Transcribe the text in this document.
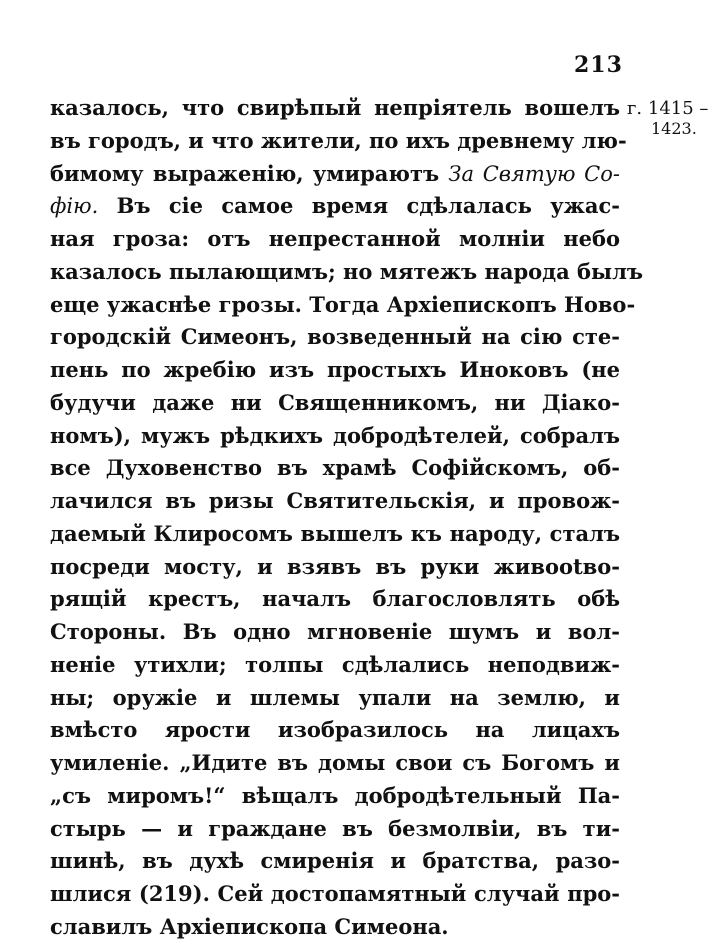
213
г. 1415 –
1423.
казалось, что свирѣпый непріятель вошелъ
въ городъ, и что жители, по ихъ древнему лю-
бимому выраженію, умираютъ За Святую Со-
фію. Въ сіе самое время сдѣлалась ужас-
ная гроза: отъ непрестанной молніи небо
казалось пылающимъ; но мятежъ народа былъ
еще ужаснѣе грозы. Тогда Архіепископъ Ново-
городскій Симеонъ, возведенный на сію сте-
пень по жребію изъ простыхъ Иноковъ (не
будучи даже ни Священникомъ, ни Діако-
номъ), мужъ рѣдкихъ добродѣтелей, собралъ
все Духовенство въ храмѣ Софійскомъ, об-
лачился въ ризы Святительскія, и провож-
даемый Клиросомъ вышелъ къ народу, сталъ
посреди мосту, и взявъ въ руки живоotво-
рящій крестъ, началъ благословлять обѣ
Стороны. Въ одно мгновеніе шумъ и вол-
неніе утихли; толпы сдѣлались неподвиж-
ны; оружіе и шлемы упали на землю, и
вмѣсто ярости изобразилось на лицахъ
умиленіе. „Идите въ домы свои съ Богомъ и
„съ миромъ!“ вѣщалъ добродѣтельный Па-
стырь — и граждане въ безмолвіи, въ ти-
шинѣ, въ духѣ смиренія и братства, разо-
шлися (219). Сей достопамятный случай про-
славилъ Архіепископа Симеона.
